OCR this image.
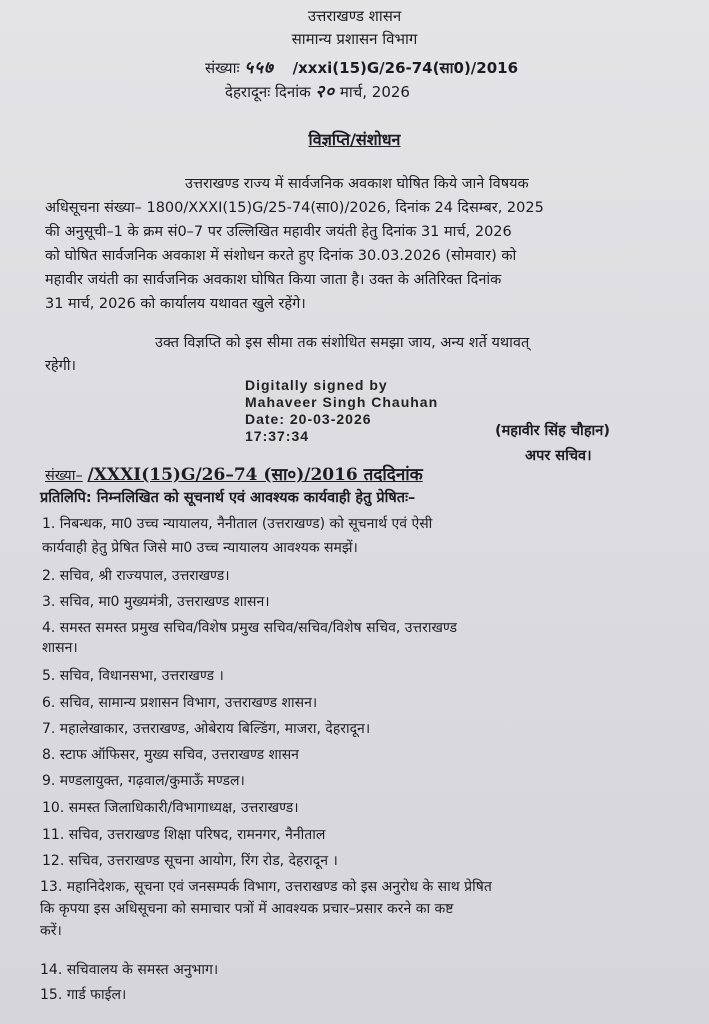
उत्तराखण्ड शासन
सामान्य प्रशासन विभाग
संख्याः ५५७ /xxxi(15)G/26-74(सा0)/2016
देहरादूनः दिनांक २० मार्च, 2026
विज्ञप्ति/संशोधन
उत्तराखण्ड राज्य में सार्वजनिक अवकाश घोषित किये जाने विषयक
अधिसूचना संख्या– 1800/XXXI(15)G/25-74(सा0)/2026, दिनांक 24 दिसम्बर, 2025
की अनुसूची–1 के क्रम सं0–7 पर उल्लिखित महावीर जयंती हेतु दिनांक 31 मार्च, 2026
को घोषित सार्वजनिक अवकाश में संशोधन करते हुए दिनांक 30.03.2026 (सोमवार) को
महावीर जयंती का सार्वजनिक अवकाश घोषित किया जाता है। उक्त के अतिरिक्त दिनांक
31 मार्च, 2026 को कार्यालय यथावत खुले रहेंगे।
उक्त विज्ञप्ति को इस सीमा तक संशोधित समझा जाय, अन्य शर्ते यथावत्
रहेगी।
Digitally signed by
Mahaveer Singh Chauhan
Date: 20-03-2026
17:37:34	(महावीर सिंह चौहान)
अपर सचिव।
संख्या– /XXXI(15)G/26–74 (सा०)/2016 तददिनांक
प्रतिलिपि: निम्नलिखित को सूचनार्थ एवं आवश्यक कार्यवाही हेतु प्रेषितः–
1. निबन्धक, मा0 उच्च न्यायालय, नैनीताल (उत्तराखण्ड) को सूचनार्थ एवं ऐसी
कार्यवाही हेतु प्रेषित जिसे मा0 उच्च न्यायालय आवश्यक समझें।
2. सचिव, श्री राज्यपाल, उत्तराखण्ड।
3. सचिव, मा0 मुख्यमंत्री, उत्तराखण्ड शासन।
4. समस्त समस्त प्रमुख सचिव/विशेष प्रमुख सचिव/सचिव/विशेष सचिव, उत्तराखण्ड
शासन।
5. सचिव, विधानसभा, उत्तराखण्ड ।
6. सचिव, सामान्य प्रशासन विभाग, उत्तराखण्ड शासन।
7. महालेखाकार, उत्तराखण्ड, ओबेराय बिल्डिंग, माजरा, देहरादून।
8. स्टाफ ऑफिसर, मुख्य सचिव, उत्तराखण्ड शासन
9. मण्डलायुक्त, गढ़वाल/कुमाऊँ मण्डल।
10. समस्त जिलाधिकारी/विभागाध्यक्ष, उत्तराखण्ड।
11. सचिव, उत्तराखण्ड शिक्षा परिषद, रामनगर, नैनीताल
12. सचिव, उत्तराखण्ड सूचना आयोग, रिंग रोड, देहरादून ।
13. महानिदेशक, सूचना एवं जनसम्पर्क विभाग, उत्तराखण्ड को इस अनुरोध के साथ प्रेषित
कि कृपया इस अधिसूचना को समाचार पत्रों में आवश्यक प्रचार–प्रसार करने का कष्ट
करें।
14. सचिवालय के समस्त अनुभाग।
15. गार्ड फाईल।
